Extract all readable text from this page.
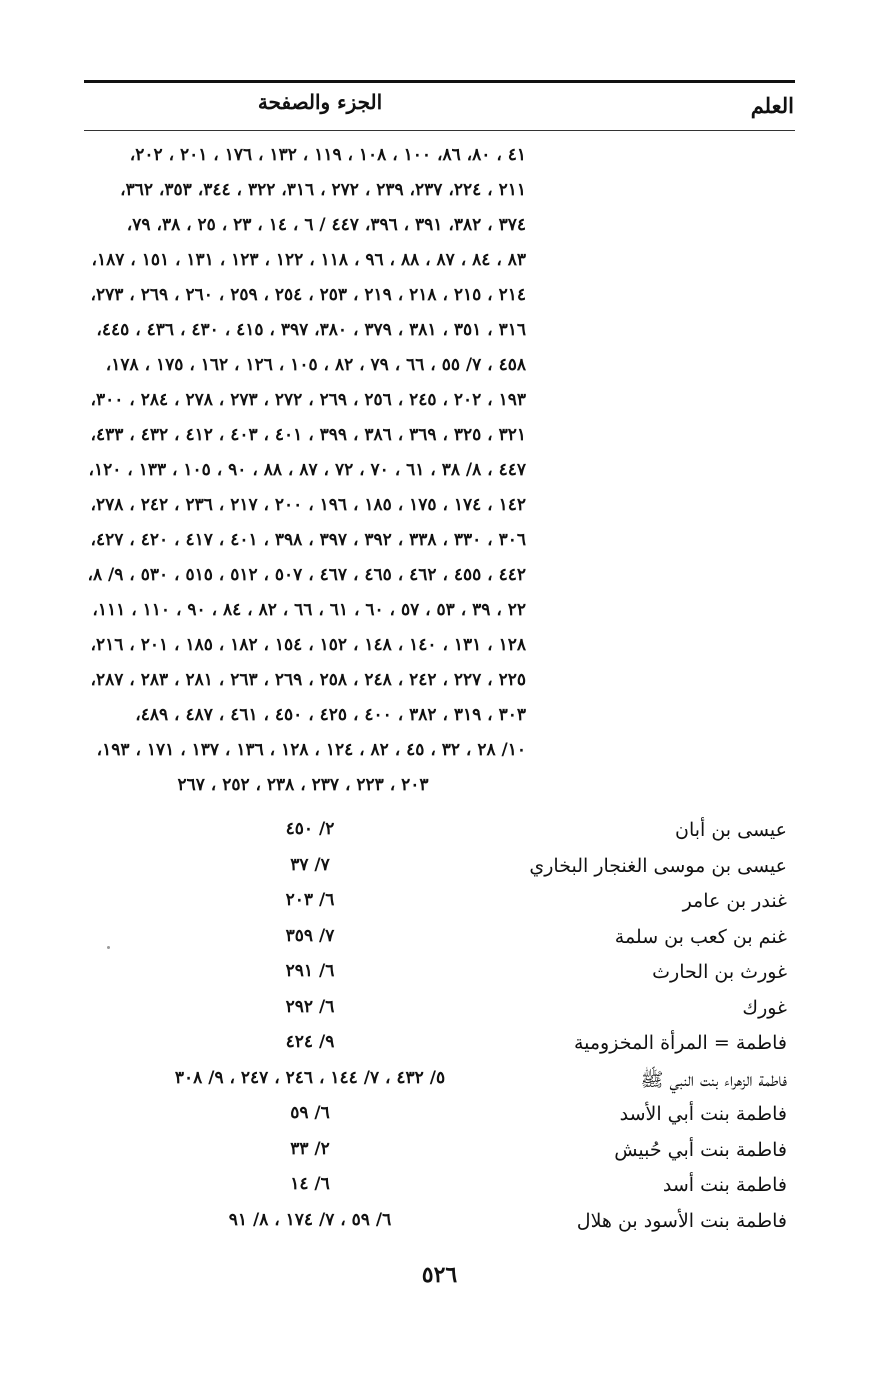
العلم
الجزء والصفحة
٤١ ، ٨٠، ٨٦، ١٠٠ ، ١٠٨ ، ١١٩ ، ١٣٢ ، ١٧٦ ، ٢٠١ ، ٢٠٢،
٢١١ ، ٢٢٤، ٢٣٧، ٢٣٩ ، ٢٧٢ ، ٣١٦، ٣٢٢ ، ٣٤٤، ٣٥٣، ٣٦٢،
٣٧٤ ، ٣٨٢، ٣٩١ ، ٣٩٦، ٤٤٧ / ٦ ، ١٤ ، ٢٣ ، ٢٥ ، ٣٨، ٧٩،
٨٣ ، ٨٤ ، ٨٧ ، ٨٨ ، ٩٦ ، ١١٨ ، ١٢٢ ، ١٢٣ ، ١٣١ ، ١٥١ ، ١٨٧،
٢١٤ ، ٢١٥ ، ٢١٨ ، ٢١٩ ، ٢٥٣ ، ٢٥٤ ، ٢٥٩ ، ٢٦٠ ، ٢٦٩ ، ٢٧٣،
٣١٦ ، ٣٥١ ، ٣٨١ ، ٣٧٩ ، ٣٨٠، ٣٩٧ ، ٤١٥ ، ٤٣٠ ، ٤٣٦ ، ٤٤٥،
٤٥٨ ، ٧/ ٥٥ ، ٦٦ ، ٧٩ ، ٨٢ ، ١٠٥ ، ١٢٦ ، ١٦٢ ، ١٧٥ ، ١٧٨،
١٩٣ ، ٢٠٢ ، ٢٤٥ ، ٢٥٦ ، ٢٦٩ ، ٢٧٢ ، ٢٧٣ ، ٢٧٨ ، ٢٨٤ ، ٣٠٠،
٣٢١ ، ٣٢٥ ، ٣٦٩ ، ٣٨٦ ، ٣٩٩ ، ٤٠١ ، ٤٠٣ ، ٤١٢ ، ٤٣٢ ، ٤٣٣،
٤٤٧ ، ٨/ ٣٨ ، ٦١ ، ٧٠ ، ٧٢ ، ٨٧ ، ٨٨ ، ٩٠ ، ١٠٥ ، ١٣٣ ، ١٢٠،
١٤٢ ، ١٧٤ ، ١٧٥ ، ١٨٥ ، ١٩٦ ، ٢٠٠ ، ٢١٧ ، ٢٣٦ ، ٢٤٢ ، ٢٧٨،
٣٠٦ ، ٣٣٠ ، ٣٣٨ ، ٣٩٢ ، ٣٩٧ ، ٣٩٨ ، ٤٠١ ، ٤١٧ ، ٤٢٠ ، ٤٢٧،
٤٤٢ ، ٤٥٥ ، ٤٦٢ ، ٤٦٥ ، ٤٦٧ ، ٥٠٧ ، ٥١٢ ، ٥١٥ ، ٥٣٠ ، ٩/ ٨،
٢٢ ، ٣٩ ، ٥٣ ، ٥٧ ، ٦٠ ، ٦١ ، ٦٦ ، ٨٢ ، ٨٤ ، ٩٠ ، ١١٠ ، ١١١،
١٢٨ ، ١٣١ ، ١٤٠ ، ١٤٨ ، ١٥٢ ، ١٥٤ ، ١٨٢ ، ١٨٥ ، ٢٠١ ، ٢١٦،
٢٢٥ ، ٢٢٧ ، ٢٤٢ ، ٢٤٨ ، ٢٥٨ ، ٢٦٩ ، ٢٦٣ ، ٢٨١ ، ٢٨٣ ، ٢٨٧،
٣٠٣ ، ٣١٩ ، ٣٨٢ ، ٤٠٠ ، ٤٢٥ ، ٤٥٠ ، ٤٦١ ، ٤٨٧ ، ٤٨٩،
١٠/ ٢٨ ، ٣٢ ، ٤٥ ، ٨٢ ، ١٢٤ ، ١٢٨ ، ١٣٦ ، ١٣٧ ، ١٧١ ، ١٩٣،
٢٠٣ ، ٢٢٣ ، ٢٣٧ ، ٢٣٨ ، ٢٥٢ ، ٢٦٧
عيسى بن أبان
٢/ ٤٥٠
عيسى بن موسى الغنجار البخاري
٧/ ٣٧
غندر بن عامر
٦/ ٢٠٣
غنم بن كعب بن سلمة
٧/ ٣٥٩
غورث بن الحارث
٦/ ٢٩١
غورك
٦/ ٢٩٢
فاطمة = المرأة المخزومية
٩/ ٤٢٤
فاطمة الزهراء بنت النبي ﷺ
٥/ ٤٣٢ ، ٧/ ١٤٤ ، ٢٤٦ ، ٢٤٧ ، ٩/ ٣٠٨
فاطمة بنت أبي الأسد
٦/ ٥٩
فاطمة بنت أبي حُبيش
٢/ ٣٣
فاطمة بنت أسد
٦/ ١٤
فاطمة بنت الأسود بن هلال
٦/ ٥٩ ، ٧/ ١٧٤ ، ٨/ ٩١
٥٢٦
